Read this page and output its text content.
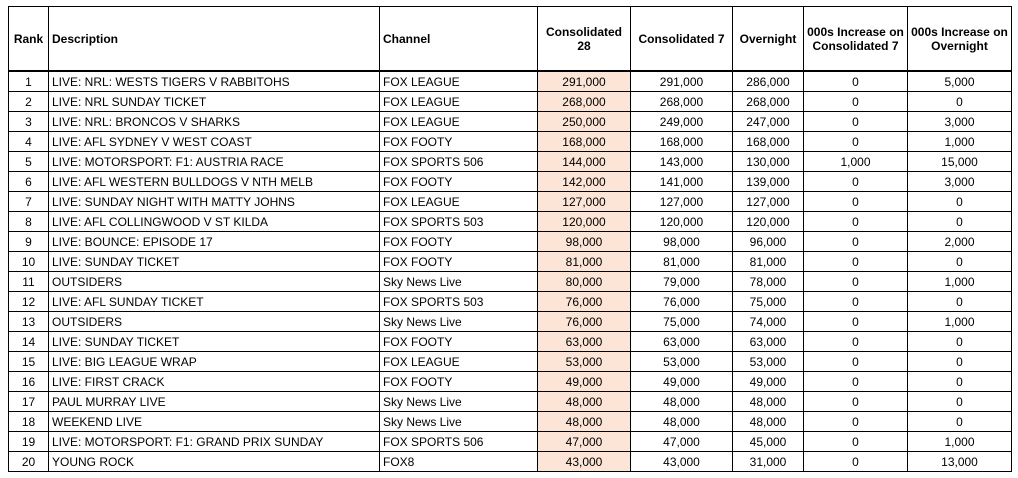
Rank	Description	Channel	Consolidated 28	Consolidated 7	Overnight	000s Increase on Consolidated 7	000s Increase on Overnight
1	LIVE: NRL: WESTS TIGERS V RABBITOHS	FOX LEAGUE	291,000	291,000	286,000	0	5,000
2	LIVE: NRL SUNDAY TICKET	FOX LEAGUE	268,000	268,000	268,000	0	0
3	LIVE: NRL: BRONCOS V SHARKS	FOX LEAGUE	250,000	249,000	247,000	0	3,000
4	LIVE: AFL SYDNEY V WEST COAST	FOX FOOTY	168,000	168,000	168,000	0	1,000
5	LIVE: MOTORSPORT: F1: AUSTRIA RACE	FOX SPORTS 506	144,000	143,000	130,000	1,000	15,000
6	LIVE: AFL WESTERN BULLDOGS V NTH MELB	FOX FOOTY	142,000	141,000	139,000	0	3,000
7	LIVE: SUNDAY NIGHT WITH MATTY JOHNS	FOX LEAGUE	127,000	127,000	127,000	0	0
8	LIVE: AFL COLLINGWOOD V ST KILDA	FOX SPORTS 503	120,000	120,000	120,000	0	0
9	LIVE: BOUNCE: EPISODE 17	FOX FOOTY	98,000	98,000	96,000	0	2,000
10	LIVE: SUNDAY TICKET	FOX FOOTY	81,000	81,000	81,000	0	0
11	OUTSIDERS	Sky News Live	80,000	79,000	78,000	0	1,000
12	LIVE: AFL SUNDAY TICKET	FOX SPORTS 503	76,000	76,000	75,000	0	0
13	OUTSIDERS	Sky News Live	76,000	75,000	74,000	0	1,000
14	LIVE: SUNDAY TICKET	FOX FOOTY	63,000	63,000	63,000	0	0
15	LIVE: BIG LEAGUE WRAP	FOX LEAGUE	53,000	53,000	53,000	0	0
16	LIVE: FIRST CRACK	FOX FOOTY	49,000	49,000	49,000	0	0
17	PAUL MURRAY LIVE	Sky News Live	48,000	48,000	48,000	0	0
18	WEEKEND LIVE	Sky News Live	48,000	48,000	48,000	0	0
19	LIVE: MOTORSPORT: F1: GRAND PRIX SUNDAY	FOX SPORTS 506	47,000	47,000	45,000	0	1,000
20	YOUNG ROCK	FOX8	43,000	43,000	31,000	0	13,000
